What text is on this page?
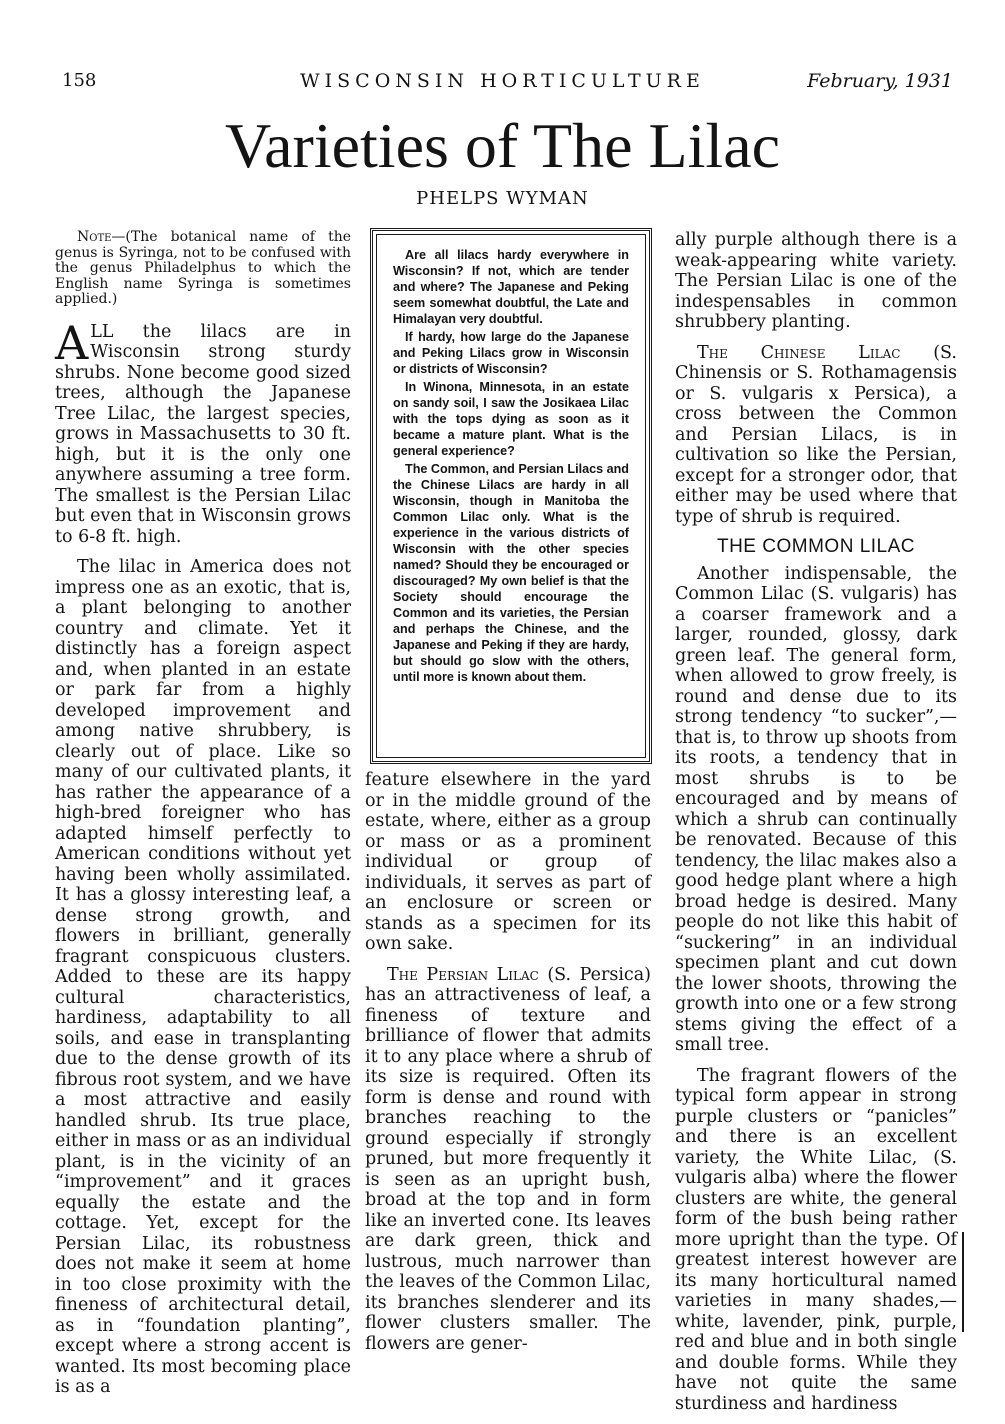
158	WISCONSIN HORTICULTURE	February, 1931
Varieties of The Lilac
PHELPS WYMAN
Note—(The botanical name of the genus is Syringa, not to be confused with the genus Philadelphus to which the English name Syringa is sometimes applied.)

ALL the lilacs are in Wisconsin strong sturdy shrubs. None become good sized trees, although the Japanese Tree Lilac, the largest species, grows in Massachusetts to 30 ft. high, but it is the only one anywhere assuming a tree form. The smallest is the Persian Lilac but even that in Wisconsin grows to 6-8 ft. high.

The lilac in America does not impress one as an exotic, that is, a plant belonging to another country and climate. Yet it distinctly has a foreign aspect and, when planted in an estate or park far from a highly developed improvement and among native shrubbery, is clearly out of place. Like so many of our cultivated plants, it has rather the appearance of a high-bred foreigner who has adapted himself perfectly to American conditions without yet having been wholly assimilated. It has a glossy interesting leaf, a dense strong growth, and flowers in brilliant, generally fragrant conspicuous clusters. Added to these are its happy cultural characteristics, hardiness, adaptability to all soils, and ease in transplanting due to the dense growth of its fibrous root system, and we have a most attractive and easily handled shrub. Its true place, either in mass or as an individual plant, is in the vicinity of an “improvement” and it graces equally the estate and the cottage. Yet, except for the Persian Lilac, its robustness does not make it seem at home in too close proximity with the fineness of architectural detail, as in “foundation planting”, except where a strong accent is wanted. Its most becoming place is as a

Are all lilacs hardy everywhere in Wisconsin? If not, which are tender and where? The Japanese and Peking seem somewhat doubtful, the Late and Himalayan very doubtful.

If hardy, how large do the Japanese and Peking Lilacs grow in Wisconsin or districts of Wisconsin?

In Winona, Minnesota, in an estate on sandy soil, I saw the Josikaea Lilac with the tops dying as soon as it became a mature plant. What is the general experience?

The Common, and Persian Lilacs and the Chinese Lilacs are hardy in all Wisconsin, though in Manitoba the Common Lilac only. What is the experience in the various districts of Wisconsin with the other species named? Should they be encouraged or discouraged? My own belief is that the Society should encourage the Common and its varieties, the Persian and perhaps the Chinese, and the Japanese and Peking if they are hardy, but should go slow with the others, until more is known about them.

feature elsewhere in the yard or in the middle ground of the estate, where, either as a group or mass or as a prominent individual or group of individuals, it serves as part of an enclosure or screen or stands as a specimen for its own sake.

The Persian Lilac (S. Persica) has an attractiveness of leaf, a fineness of texture and brilliance of flower that admits it to any place where a shrub of its size is required. Often its form is dense and round with branches reaching to the ground especially if strongly pruned, but more frequently it is seen as an upright bush, broad at the top and in form like an inverted cone. Its leaves are dark green, thick and lustrous, much narrower than the leaves of the Common Lilac, its branches slenderer and its flower clusters smaller. The flowers are gener-

ally purple although there is a weak-appearing white variety. The Persian Lilac is one of the indespensables in common shrubbery planting.

The Chinese Lilac (S. Chinensis or S. Rothamagensis or S. vulgaris x Persica), a cross between the Common and Persian Lilacs, is in cultivation so like the Persian, except for a stronger odor, that either may be used where that type of shrub is required.

THE COMMON LILAC

Another indispensable, the Common Lilac (S. vulgaris) has a coarser framework and a larger, rounded, glossy, dark green leaf. The general form, when allowed to grow freely, is round and dense due to its strong tendency “to sucker”,—that is, to throw up shoots from its roots, a tendency that in most shrubs is to be encouraged and by means of which a shrub can continually be renovated. Because of this tendency, the lilac makes also a good hedge plant where a high broad hedge is desired. Many people do not like this habit of “suckering” in an individual specimen plant and cut down the lower shoots, throwing the growth into one or a few strong stems giving the effect of a small tree.

The fragrant flowers of the typical form appear in strong purple clusters or “panicles” and there is an excellent variety, the White Lilac, (S. vulgaris alba) where the flower clusters are white, the general form of the bush being rather more upright than the type. Of greatest interest however are its many horticultural named varieties in many shades,—white, lavender, pink, purple, red and blue and in both single and double forms. While they have not quite the same sturdiness and hardiness
